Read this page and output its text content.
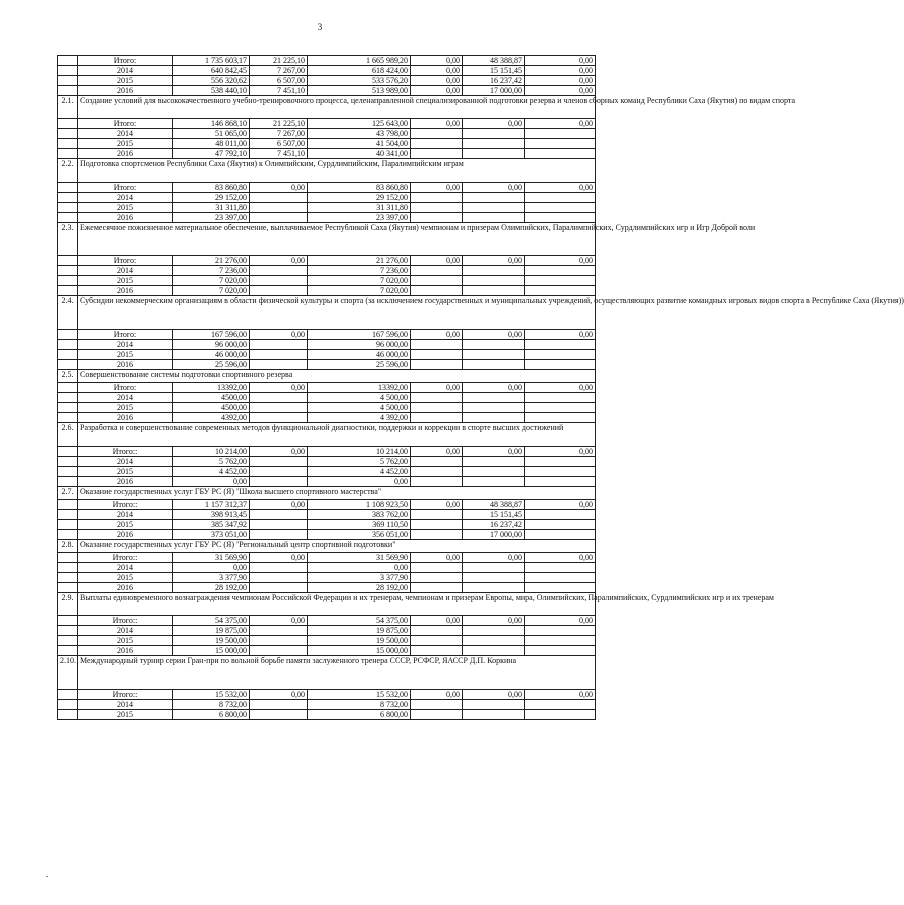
3
	Итого:	1 735 603,17	21 225,10	1 665 989,20	0,00	48 388,87	0,00	
	2014	640 842,45	7 267,00	618 424,00	0,00	15 151,45	0,00	
	2015	556 320,62	6 507,00	533 576,20	0,00	16 237,42	0,00	
	2016	538 440,10	7 451,10	513 989,00	0,00	17 000,00	0,00	
2.1.	Создание условий для высококачественного учебно-тренировочного процесса, целенаправленной специализированной подготовки резерва и членов сборных команд Республики Саха (Якутия) по видам спорта							
	Итого:	146 868,10	21 225,10	125 643,00	0,00	0,00	0,00	
	2014	51 065,00	7 267,00	43 798,00				
	2015	48 011,00	6 507,00	41 504,00				
	2016	47 792,10	7 451,10	40 341,00				
2.2.	Подготовка спортсменов Республики Саха (Якутия) к Олимпийским, Сурдлимпийским, Паралимпийским играм							
	Итого:	83 860,80	0,00	83 860,80	0,00	0,00	0,00	
	2014	29 152,00		29 152,00				
	2015	31 311,80		31 311,80				
	2016	23 397,00		23 397,00				
2.3.	Ежемесячное пожизненное материальное обеспечение, выплачиваемое Республикой Саха (Якутия) чемпионам и призерам Олимпийских, Паралимпийских, Сурдлимпийских игр и Игр Доброй воли							
	Итого:	21 276,00	0,00	21 276,00	0,00	0,00	0,00	
	2014	7 236,00		7 236,00				
	2015	7 020,00		7 020,00				
	2016	7 020,00		7 020,00				
2.4.	Субсидии некоммерческим организациям в области физической культуры и спорта (за исключением государственных и муниципальных учреждений, осуществляющих развитие командных игровых видов спорта в Республике Саха (Якутия))							
	Итого:	167 596,00	0,00	167 596,00	0,00	0,00	0,00	
	2014	96 000,00		96 000,00				
	2015	46 000,00		46 000,00				
	2016	25 596,00		25 596,00				
2.5.	Совершенствование системы подготовки спортивного резерва							
	Итого:	13392,00	0,00	13392,00	0,00	0,00	0,00	
	2014	4500,00		4 500,00				
	2015	4500,00		4 500,00				
	2016	4392,00		4 392,00				
2.6.	Разработка и совершенствование современных методов функциональной диагностики, поддержки и коррекции в спорте высших достижений							
	Итого::	10 214,00	0,00	10 214,00	0,00	0,00	0,00	
	2014	5 762,00		5 762,00				
	2015	4 452,00		4 452,00				
	2016	0,00		0,00				
2.7.	Оказание государственных услуг ГБУ РС (Я) "Школа высшего спортивного мастерства"							
	Итого::	1 157 312,37	0,00	1 108 923,50	0,00	48 388,87	0,00	
	2014	398 913,45		383 762,00		15 151,45		
	2015	385 347,92		369 110,50		16 237,42		
	2016	373 051,00		356 051,00		17 000,00		
2.8.	Оказание государственных услуг ГБУ РС (Я) "Региональный центр спортивной подготовки"							
	Итого::	31 569,90	0,00	31 569,90	0,00	0,00	0,00	
	2014	0,00		0,00				
	2015	3 377,90		3 377,90				
	2016	28 192,00		28 192,00				
2.9.	Выплаты единовременного вознаграждения чемпионам Российской Федерации и их тренерам, чемпионам и призерам Европы, мира, Олимпийских, Паралимпийских, Сурдлимпийских игр и их тренерам							
	Итого::	54 375,00	0,00	54 375,00	0,00	0,00	0,00	
	2014	19 875,00		19 875,00				
	2015	19 500,00		19 500,00				
	2016	15 000,00		15 000,00				
2.10.	Международный турнир серии Гран-при по вольной борьбе памяти заслуженного тренера СССР, РСФСР, ЯАССР Д.П. Коркина							
	Итого::	15 532,00	0,00	15 532,00	0,00	0,00	0,00	
	2014	8 732,00		8 732,00				
	2015	6 800,00		6 800,00				
